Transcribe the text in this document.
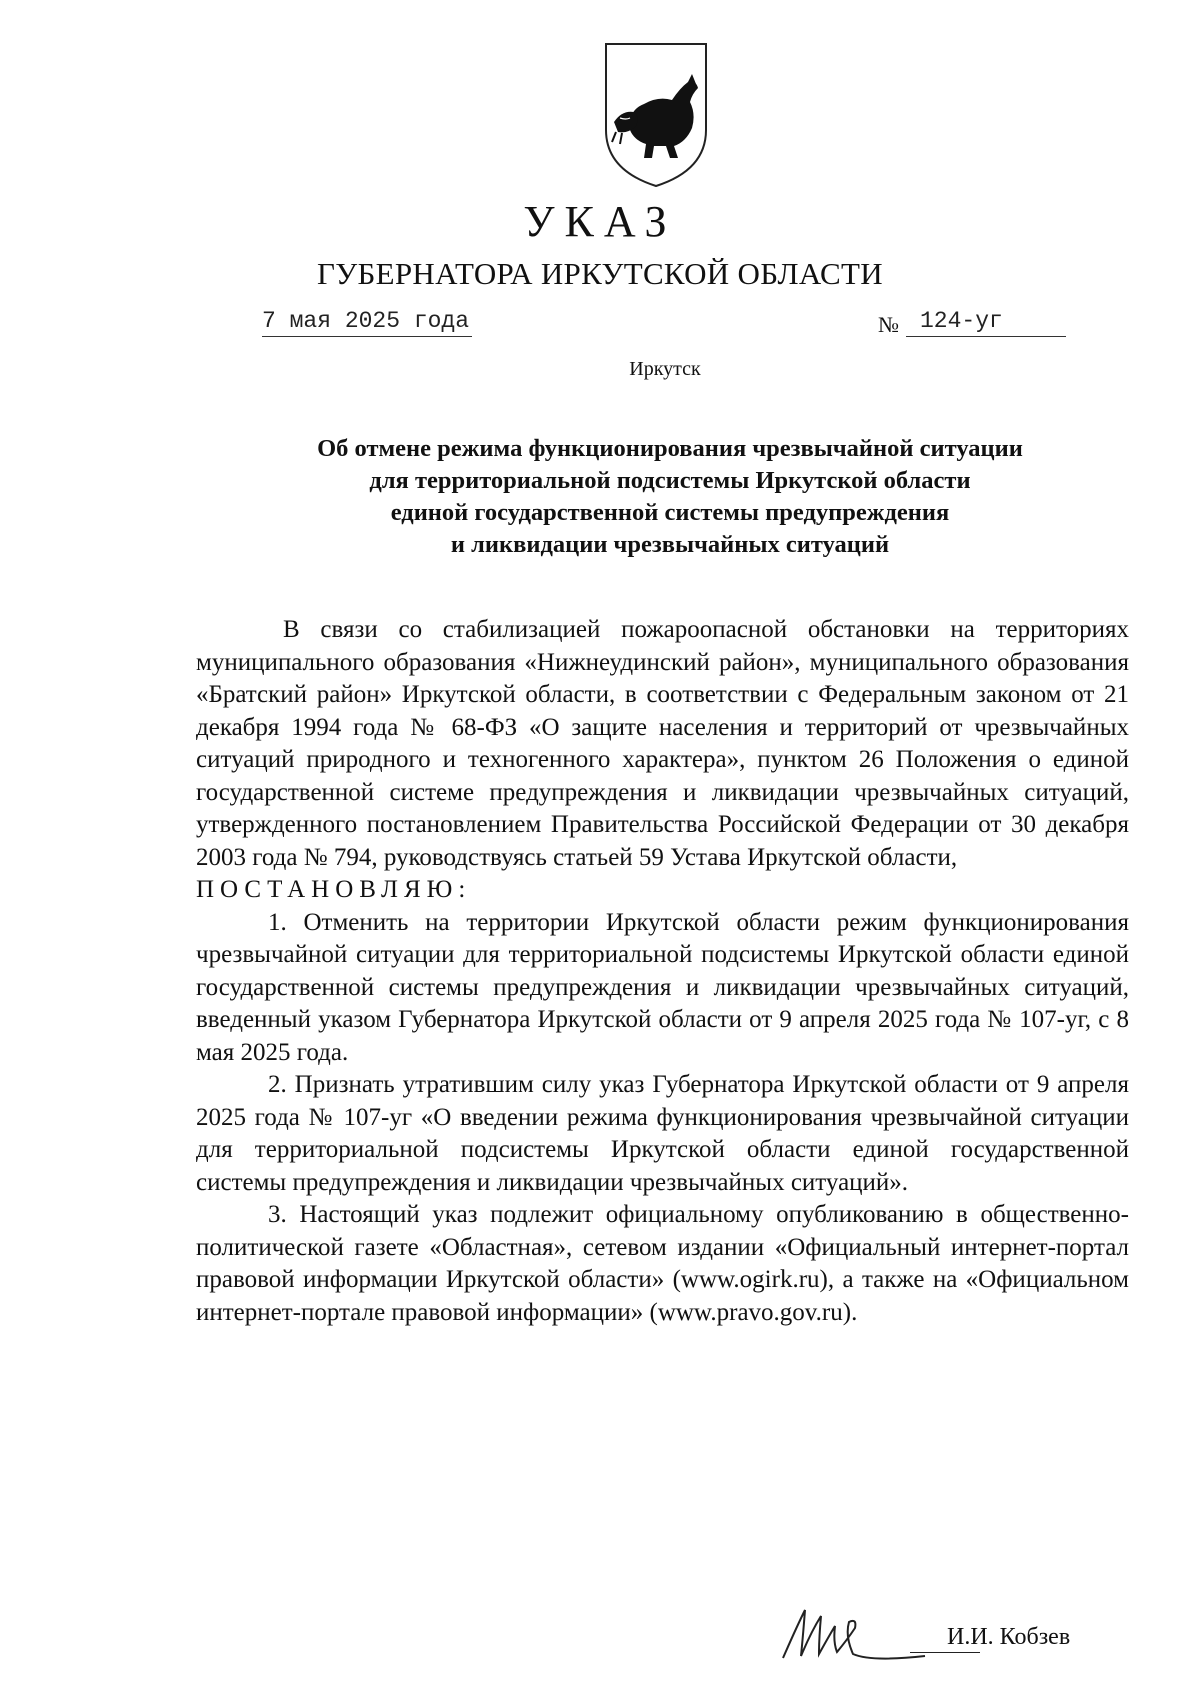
УКАЗ
ГУБЕРНАТОРА ИРКУТСКОЙ ОБЛАСТИ
7 мая 2025 года	№ 124-уг
Иркутск
Об отмене режима функционирования чрезвычайной ситуации
для территориальной подсистемы Иркутской области
единой государственной системы предупреждения
и ликвидации чрезвычайных ситуаций

В связи со стабилизацией пожароопасной обстановки на территориях муниципального образования «Нижнеудинский район», муниципального образования «Братский район» Иркутской области, в соответствии с Федеральным законом от 21 декабря 1994 года № 68-ФЗ «О защите населения и территорий от чрезвычайных ситуаций природного и техногенного характера», пунктом 26 Положения о единой государственной системе предупреждения и ликвидации чрезвычайных ситуаций, утвержденного постановлением Правительства Российской Федерации от 30 декабря 2003 года № 794, руководствуясь статьей 59 Устава Иркутской области,

ПОСТАНОВЛЯЮ:

1. Отменить на территории Иркутской области режим функционирования чрезвычайной ситуации для территориальной подсистемы Иркутской области единой государственной системы предупреждения и ликвидации чрезвычайных ситуаций, введенный указом Губернатора Иркутской области от 9 апреля 2025 года № 107-уг, с 8 мая 2025 года.

2. Признать утратившим силу указ Губернатора Иркутской области от 9 апреля 2025 года № 107-уг «О введении режима функционирования чрезвычайной ситуации для территориальной подсистемы Иркутской области единой государственной системы предупреждения и ликвидации чрезвычайных ситуаций».

3. Настоящий указ подлежит официальному опубликованию в общественно-политической газете «Областная», сетевом издании «Официальный интернет-портал правовой информации Иркутской области» (www.ogirk.ru), а также на «Официальном интернет-портале правовой информации» (www.pravo.gov.ru).

И.И. Кобзев
